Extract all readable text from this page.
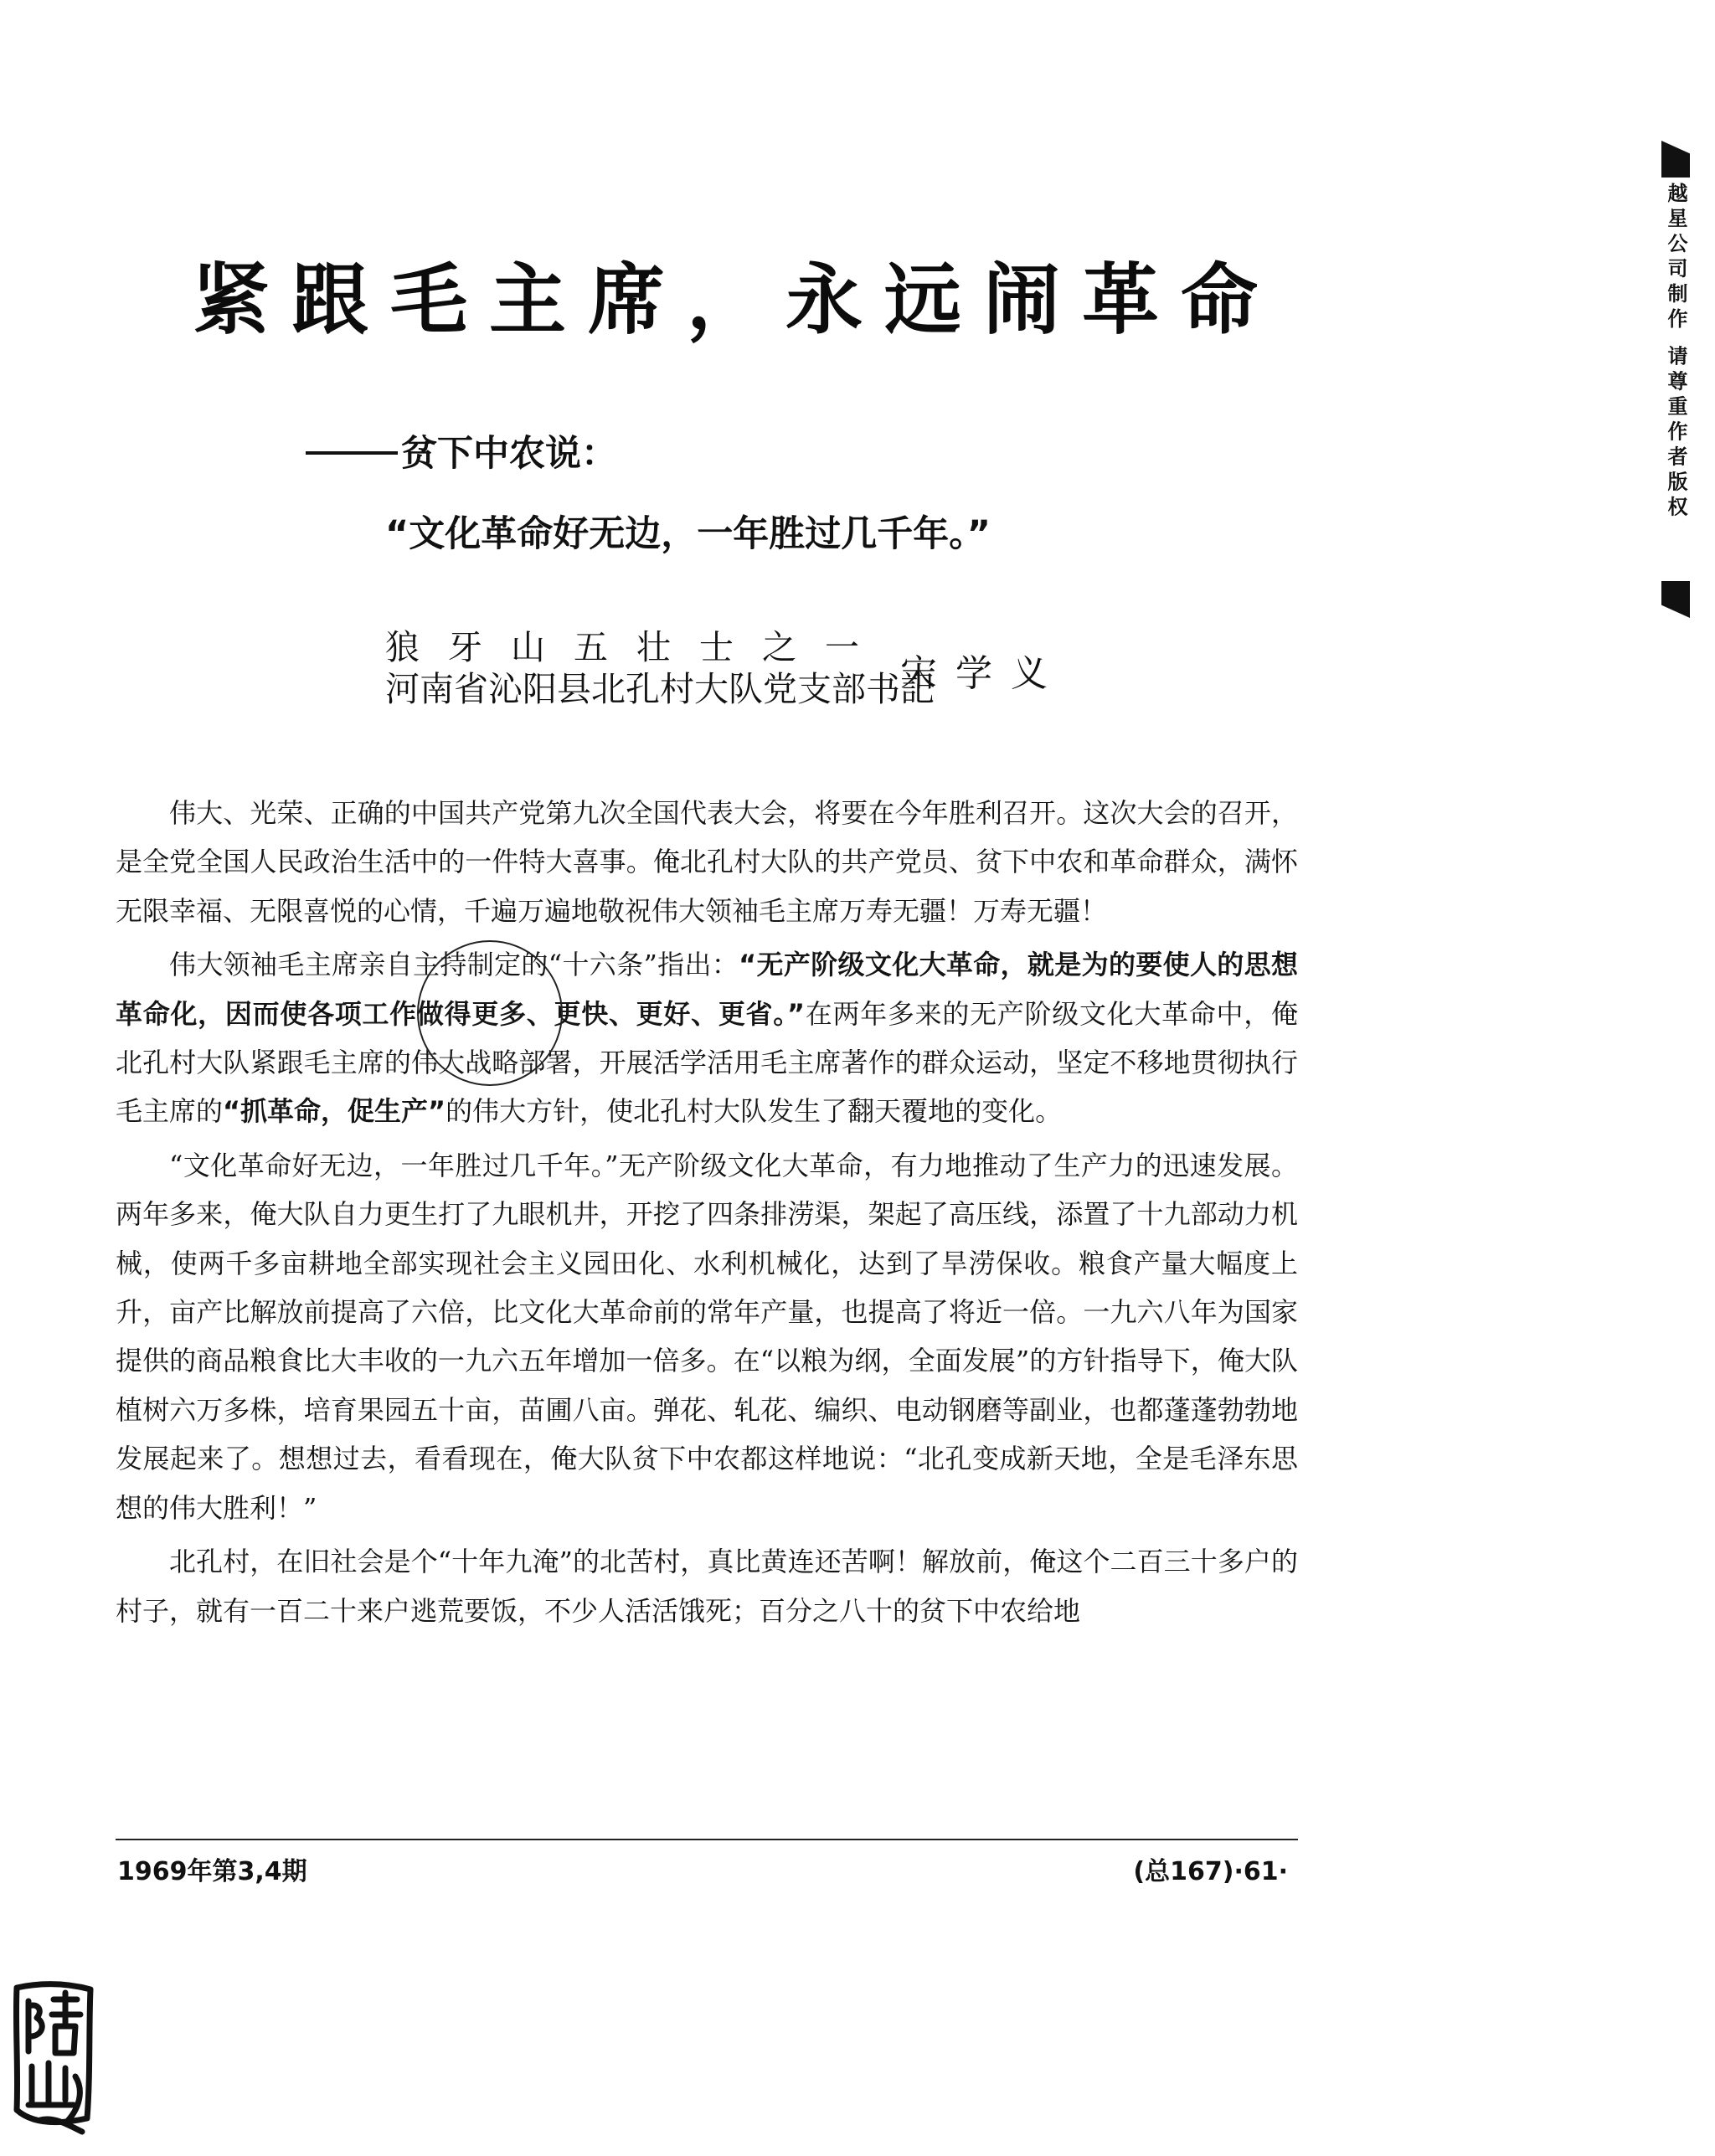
越星公司制作 请尊重作者版权
紧跟毛主席，永远闹革命
贫下中农说：
“文化革命好无边，一年胜过几千年。”
狼牙山五壮士之一
河南省沁阳县北孔村大队党支部书記
宋学义

伟大、光荣、正确的中国共产党第九次全国代表大会，将要在今年胜利召开。这次大会的召开，是全党全国人民政治生活中的一件特大喜事。俺北孔村大队的共产党员、贫下中农和革命群众，满怀无限幸福、无限喜悦的心情，千遍万遍地敬祝伟大领袖毛主席万寿无疆！万寿无疆！

伟大领袖毛主席亲自主持制定的“十六条”指出：“无产阶级文化大革命，就是为的要使人的思想革命化，因而使各项工作做得更多、更快、更好、更省。”在两年多来的无产阶级文化大革命中，俺北孔村大队紧跟毛主席的伟大战略部署，开展活学活用毛主席著作的群众运动，坚定不移地贯彻执行毛主席的“抓革命，促生产”的伟大方针，使北孔村大队发生了翻天覆地的变化。

“文化革命好无边，一年胜过几千年。”无产阶级文化大革命，有力地推动了生产力的迅速发展。两年多来，俺大队自力更生打了九眼机井，开挖了四条排涝渠，架起了高压线，添置了十九部动力机械，使两千多亩耕地全部实现社会主义园田化、水利机械化，达到了旱涝保收。粮食产量大幅度上升，亩产比解放前提高了六倍，比文化大革命前的常年产量，也提高了将近一倍。一九六八年为国家提供的商品粮食比大丰收的一九六五年增加一倍多。在“以粮为纲，全面发展”的方针指导下，俺大队植树六万多株，培育果园五十亩，苗圃八亩。弹花、轧花、编织、电动钢磨等副业，也都蓬蓬勃勃地发展起来了。想想过去，看看现在，俺大队贫下中农都这样地说：“北孔变成新天地，全是毛泽东思想的伟大胜利！”

北孔村，在旧社会是个“十年九淹”的北苦村，真比黄连还苦啊！解放前，俺这个二百三十多户的村子，就有一百二十来户逃荒要饭，不少人活活饿死；百分之八十的贫下中农给地

1969年第3,4期	(总167)·61·
